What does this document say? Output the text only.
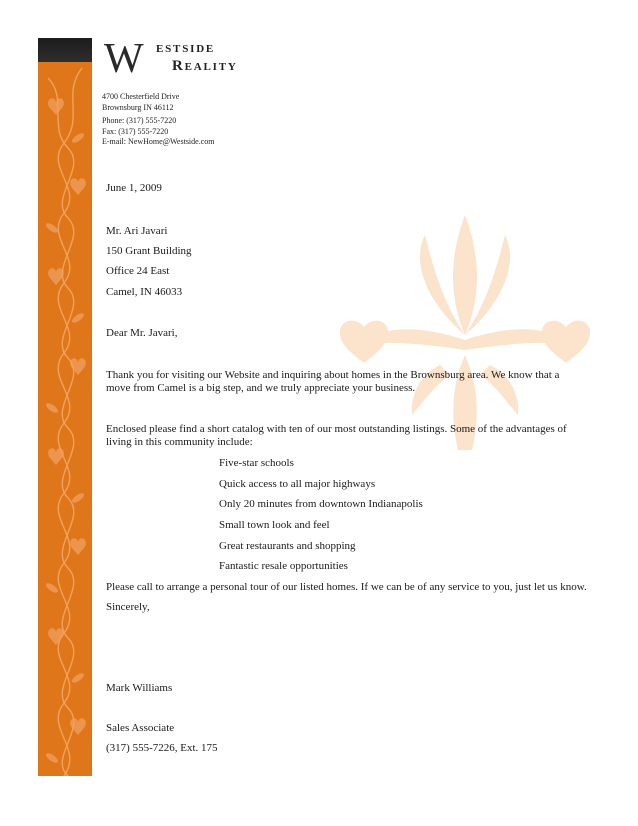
W estside
Reality
4700 Chesterfield Drive
Brownsburg IN 46112
Phone: (317) 555-7220
Fax: (317) 555-7220
E-mail: NewHome@Westside.com
June 1, 2009
Mr. Ari Javari
150 Grant Building
Office 24 East
Camel, IN 46033
Dear Mr. Javari,
Thank you for visiting our Website and inquiring about homes in the Brownsburg area. We know that a
move from Camel is a big step, and we truly appreciate your business.
Enclosed please find a short catalog with ten of our most outstanding listings. Some of the advantages of
living in this community include:
Five-star schools
Quick access to all major highways
Only 20 minutes from downtown Indianapolis
Small town look and feel
Great restaurants and shopping
Fantastic resale opportunities
Please call to arrange a personal tour of our listed homes. If we can be of any service to you, just let us know.
Sincerely,
Mark Williams
Sales Associate
(317) 555-7226, Ext. 175
